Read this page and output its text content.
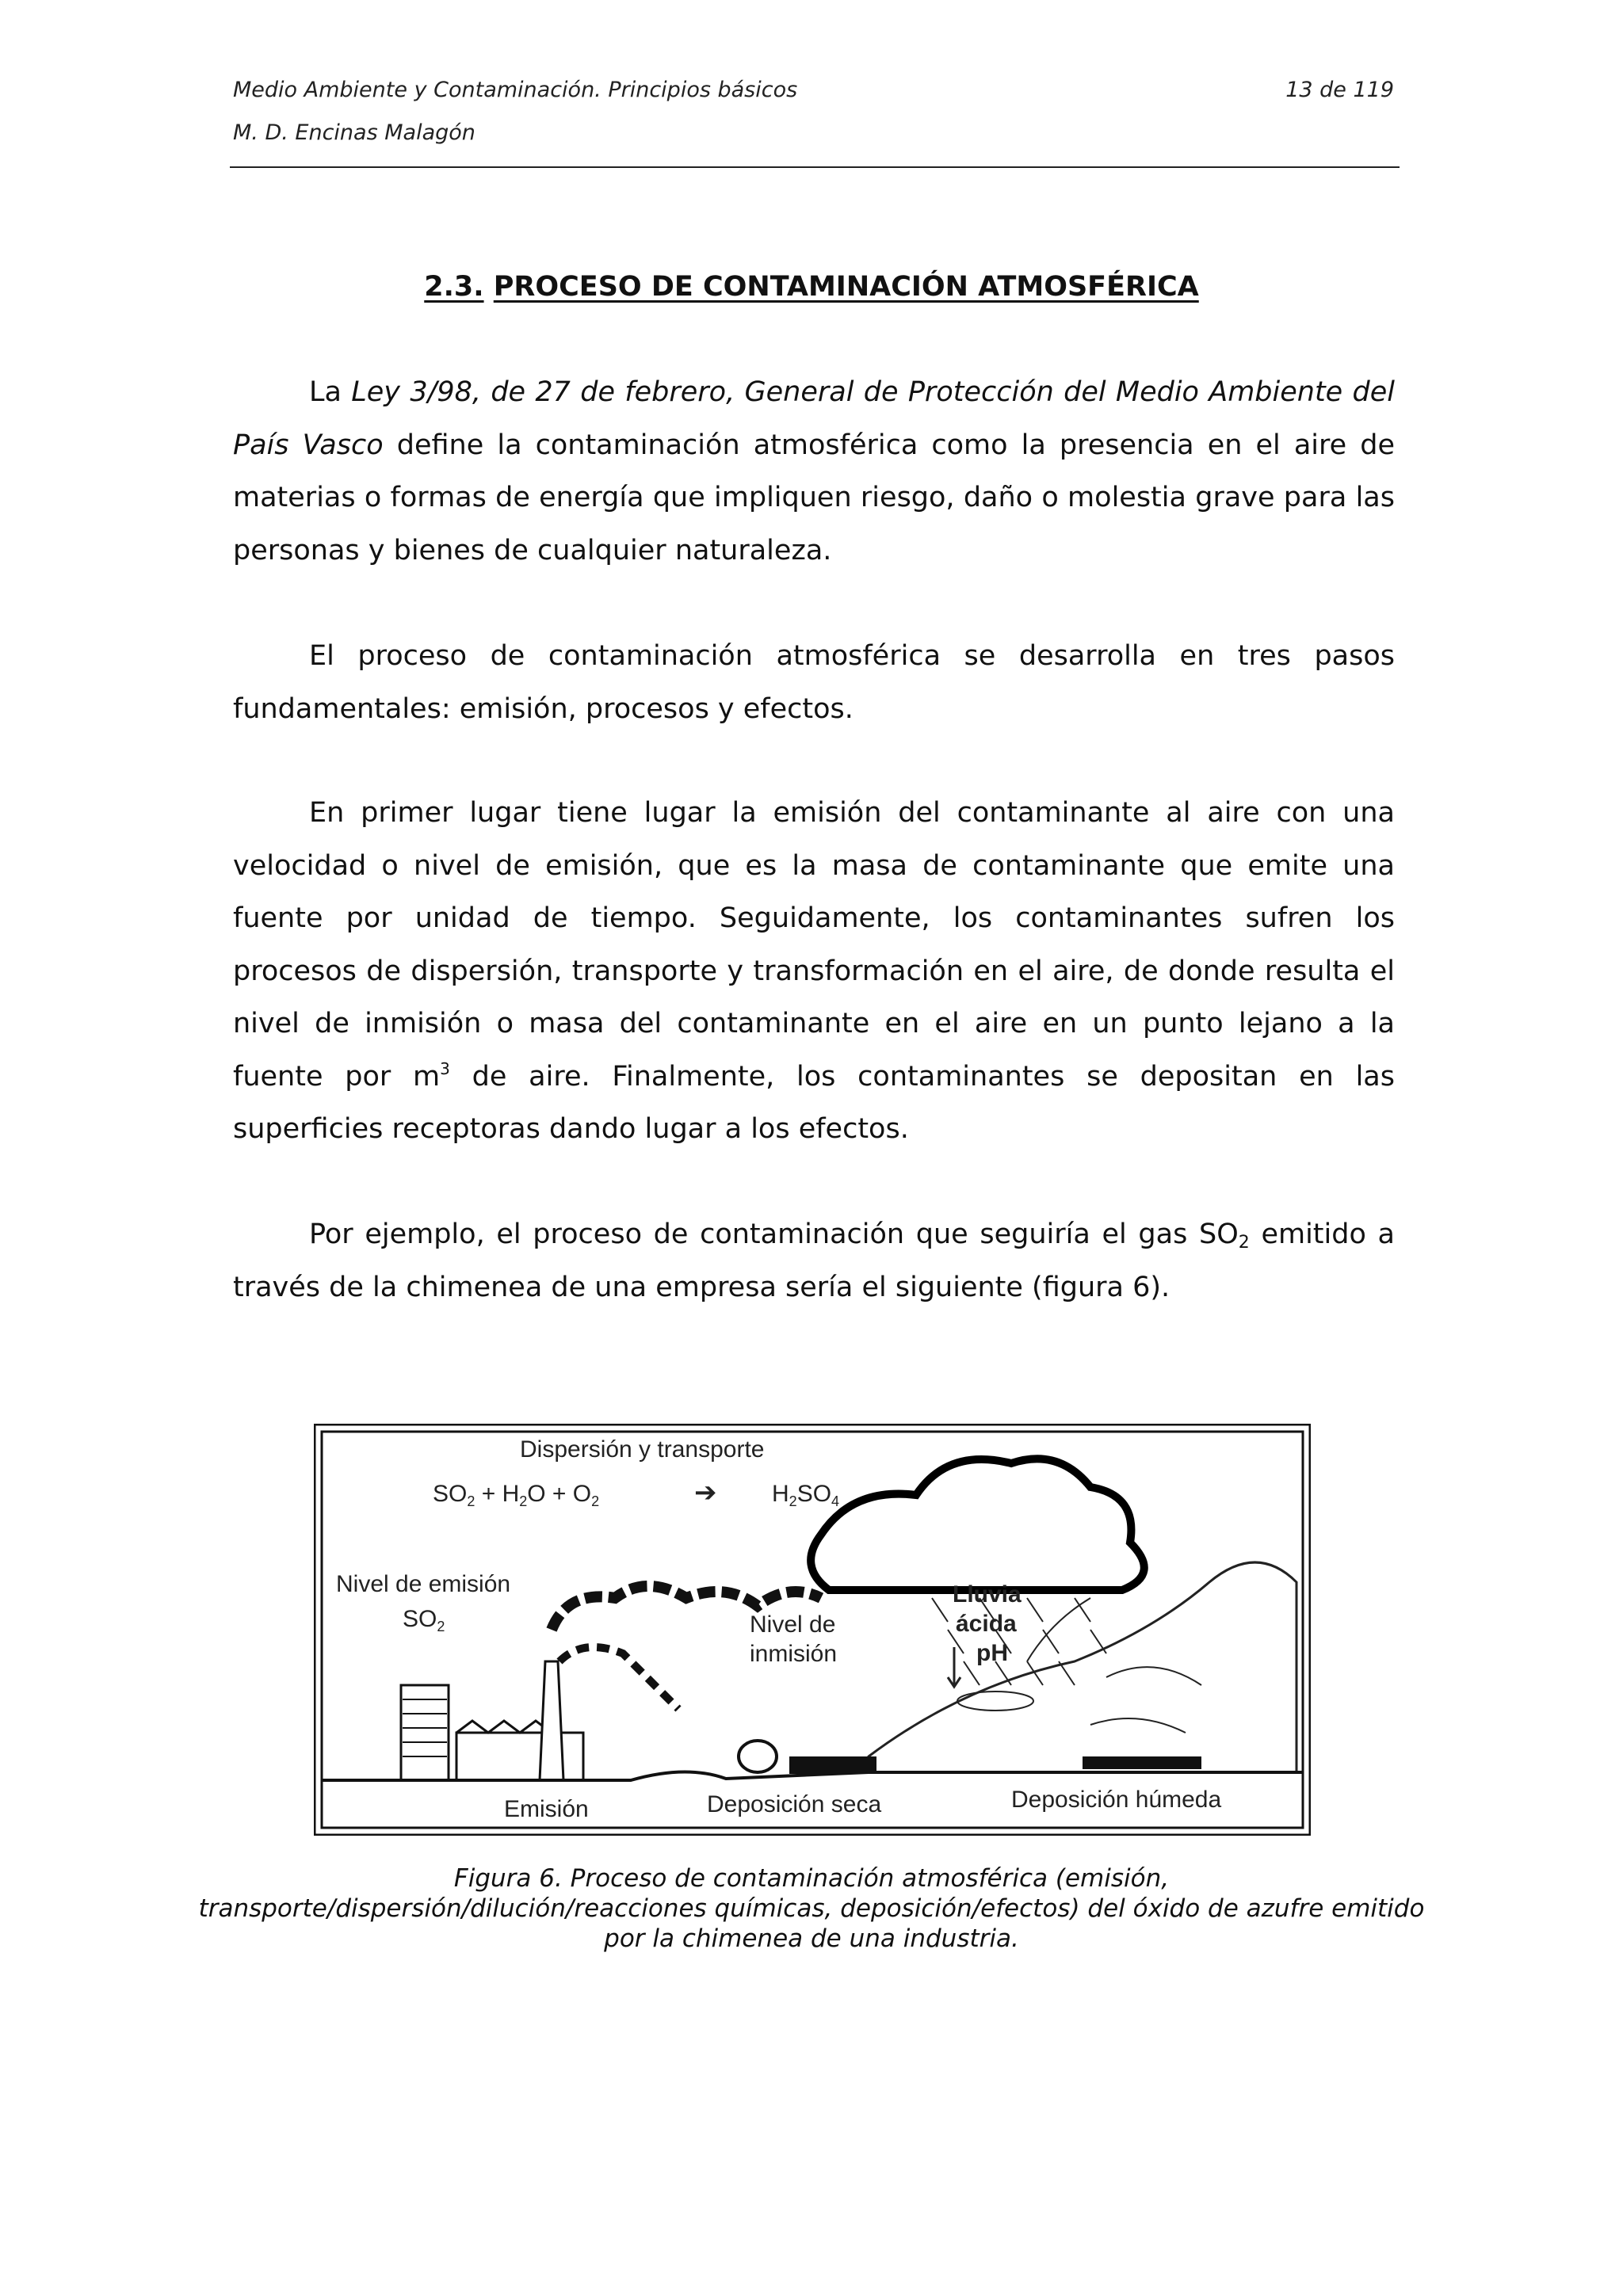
Medio Ambiente y Contaminación. Principios básicos
M. D. Encinas Malagón
13 de 119
2.3. PROCESO DE CONTAMINACIÓN ATMOSFÉRICA
La Ley 3/98, de 27 de febrero, General de Protección del Medio Ambiente del País Vasco define la contaminación atmosférica como la presencia en el aire de materias o formas de energía que impliquen riesgo, daño o molestia grave para las personas y bienes de cualquier naturaleza.
El proceso de contaminación atmosférica se desarrolla en tres pasos fundamentales: emisión, procesos y efectos.
En primer lugar tiene lugar la emisión del contaminante al aire con una velocidad o nivel de emisión, que es la masa de contaminante que emite una fuente por unidad de tiempo. Seguidamente, los contaminantes sufren los procesos de dispersión, transporte y transformación en el aire, de donde resulta el nivel de inmisión o masa del contaminante en el aire en un punto lejano a la fuente por $m^3$ de aire. Finalmente, los contaminantes se depositan en las superficies receptoras dando lugar a los efectos.
Por ejemplo, el proceso de contaminación que seguiría el gas $SO_2$ emitido a través de la chimenea de una empresa sería el siguiente (figura 6).
Dispersión y transporte
$SO_2 + H_2O + O_2$	➔ $H_2SO_4$
Nivel de emisión
$SO_2$	Nivel de
inmisión
Lluvia
ácida
pH
Emisión	Deposición seca	Deposición húmeda
Figura 6. Proceso de contaminación atmosférica (emisión, transporte/dispersión/dilución/reacciones químicas, deposición/efectos) del óxido de azufre emitido por la chimenea de una industria.
